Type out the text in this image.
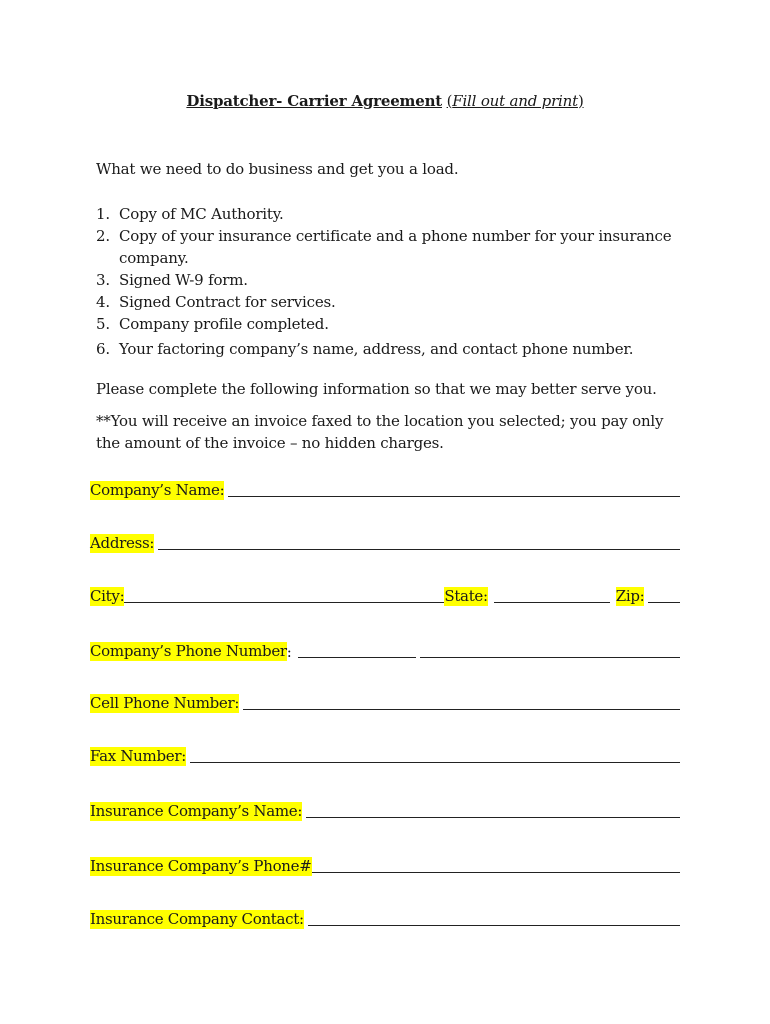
Dispatcher- Carrier Agreement (Fill out and print)
What we need to do business and get you a load.
1. Copy of MC Authority.
2. Copy of your insurance certificate and a phone number for your insurance company.
3. Signed W-9 form.
4. Signed Contract for services.
5. Company profile completed.
6. Your factoring company’s name, address, and contact phone number.
Please complete the following information so that we may better serve you.
**You will receive an invoice faxed to the location you selected; you pay only the amount of the invoice – no hidden charges.
Company’s Name:
Address:
City:	State:	Zip:
Company’s Phone Number :
Cell Phone Number:
Fax Number:
Insurance Company’s Name:
Insurance Company’s Phone#
Insurance Company Contact:
